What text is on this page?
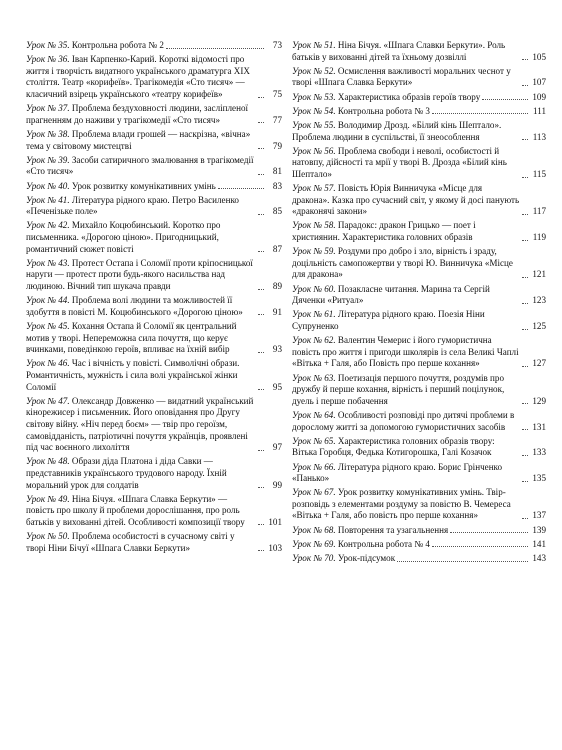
Урок № 35. Контрольна робота № 2	73
Урок № 36. Іван Карпенко-Карий. Короткі відомості про життя і творчість видатного українського драматурга XIX століття. Театр «корифеїв». Трагікомедія «Сто тисяч» — класичний взірець українського «театру корифеїв»	75
Урок № 37. Проблема бездуховності людини, засліпленої прагненням до наживи у трагікомедії «Сто тисяч»	77
Урок № 38. Проблема влади грошей — наскрізна, «вічна» тема у світовому мистецтві	79
Урок № 39. Засоби сатиричного змалювання в трагікомедії «Сто тисяч»	81
Урок № 40. Урок розвитку комунікативних умінь	83
Урок № 41. Література рідного краю. Петро Василенко «Печенізьке поле»	85
Урок № 42. Михайло Коцюбинський. Коротко про письменника. «Дорогою ціною». Пригодницький, романтичний сюжет повісті	87
Урок № 43. Протест Остапа і Соломії проти кріпосницької наруги — протест проти будь-якого насильства над людиною. Вічний тип шукача правди	89
Урок № 44. Проблема волі людини та можливостей її здобуття в повісті М. Коцюбинського «Дорогою ціною»	91
Урок № 45. Кохання Остапа й Соломії як центральний мотив у творі. Непереможна сила почуття, що керує вчинками, поведінкою героїв, впливає на їхній вибір	93
Урок № 46. Час і вічність у повісті. Символічні образи. Романтичність, мужність і сила волі української жінки Соломії	95
Урок № 47. Олександр Довженко — видатний український кінорежисер і письменник. Його оповідання про Другу світову війну. «Ніч перед боєм» — твір про героїзм, самовідданість, патріотичні почуття українців, проявлені під час воєнного лихоліття	97
Урок № 48. Образи діда Платона і діда Савки — представників українського трудового народу. Їхній моральний урок для солдатів	99
Урок № 49. Ніна Бічуя. «Шпага Славка Беркути» — повість про школу й проблеми дорослішання, про роль батьків у вихованні дітей. Особливості композиції твору	101
Урок № 50. Проблема особистості в сучасному світі у творі Ніни Бічуї «Шпага Славки Беркути»	103
Урок № 51. Ніна Бічуя. «Шпага Славки Беркути». Роль батьків у вихованні дітей та їхньому дозвіллі	105
Урок № 52. Осмислення важливості моральних чеснот у творі «Шпага Славка Беркути»	107
Урок № 53. Характеристика образів героїв твору	109
Урок № 54. Контрольна робота № 3	111
Урок № 55. Володимир Дрозд. «Білий кінь Шептало». Проблема людини в суспільстві, її знеособлення	113
Урок № 56. Проблема свободи і неволі, особистості й натовпу, дійсності та мрії у творі В. Дрозда «Білий кінь Шептало»	115
Урок № 57. Повість Юрія Винничука «Місце для дракона». Казка про сучасний світ, у якому й досі панують «драконячі закони»	117
Урок № 58. Парадокс: дракон Грицько — поет і християнин. Характеристика головних образів	119
Урок № 59. Роздуми про добро і зло, вірність і зраду, доцільність самопожертви у творі Ю. Винничука «Місце для дракона»	121
Урок № 60. Позакласне читання. Марина та Сергій Дяченки «Ритуал»	123
Урок № 61. Література рідного краю. Поезія Ніни Супруненко	125
Урок № 62. Валентин Чемерис і його гумористична повість про життя і пригоди школярів із села Великі Чаплі «Вітька + Галя, або Повість про перше кохання»	127
Урок № 63. Поетизація першого почуття, роздумів про дружбу й перше кохання, вірність і перший поцілунок, дуель і перше побачення	129
Урок № 64. Особливості розповіді про дитячі проблеми в дорослому житті за допомогою гумористичних засобів	131
Урок № 65. Характеристика головних образів твору: Вітька Горобця, Федька Котигорошка, Галі Козачок	133
Урок № 66. Література рідного краю. Борис Грінченко «Панько»	135
Урок № 67. Урок розвитку комунікативних умінь. Твір-розповідь з елементами роздуму за повістю В. Чемереса «Вітька + Галя, або повість про перше кохання»	137
Урок № 68. Повторення та узагальнення	139
Урок № 69. Контрольна робота № 4	141
Урок № 70. Урок-підсумок	143
